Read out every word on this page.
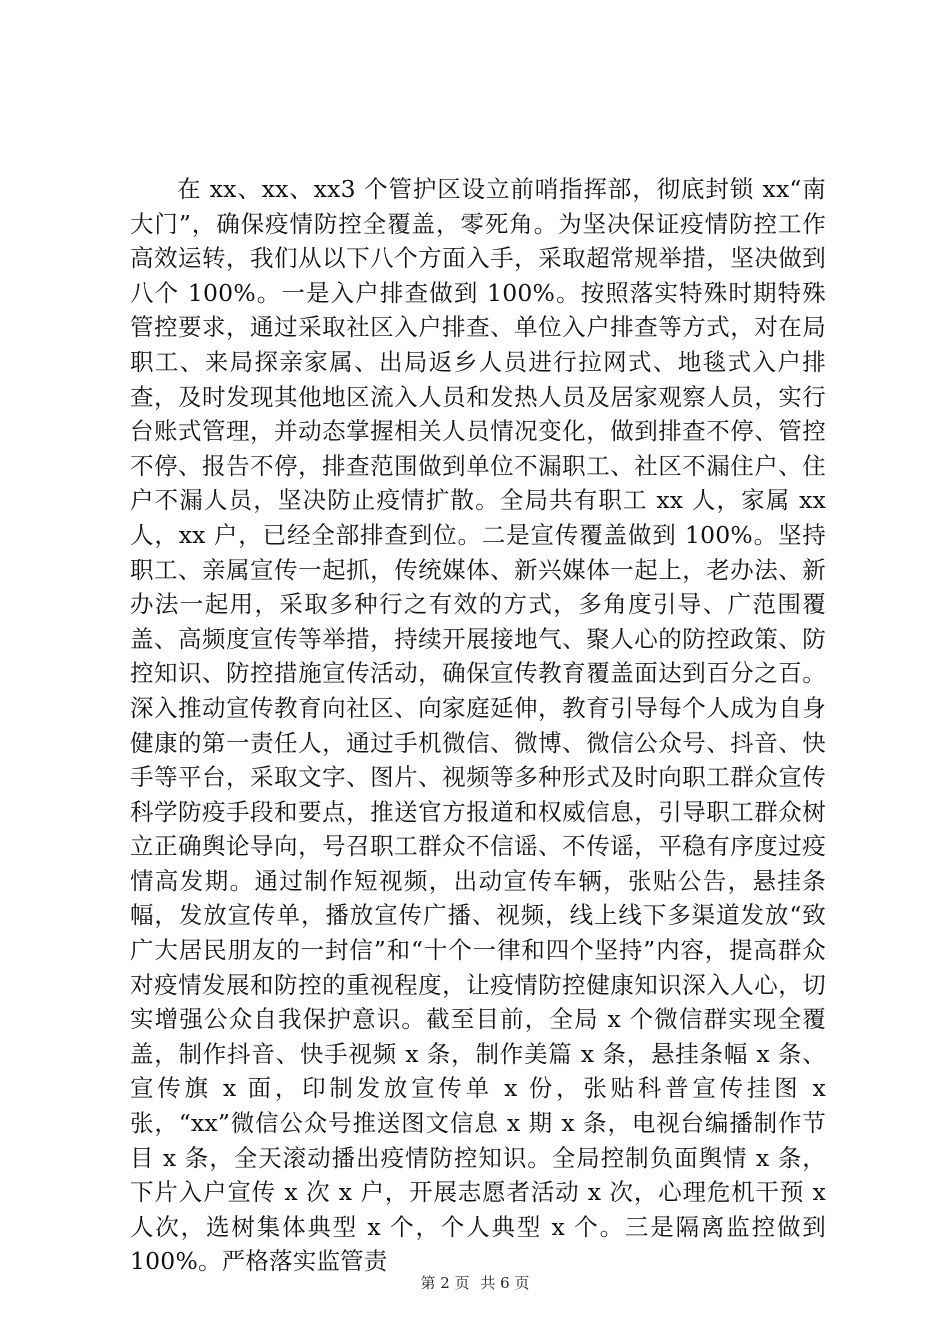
在 xx、xx、xx3 个管护区设立前哨指挥部，彻底封锁 xx“南大门”，确保疫情防控全覆盖，零死角。为坚决保证疫情防控工作高效运转，我们从以下八个方面入手，采取超常规举措，坚决做到八个 100%。一是入户排查做到 100%。按照落实特殊时期特殊管控要求，通过采取社区入户排查、单位入户排查等方式，对在局职工、来局探亲家属、出局返乡人员进行拉网式、地毯式入户排查，及时发现其他地区流入人员和发热人员及居家观察人员，实行台账式管理，并动态掌握相关人员情况变化，做到排查不停、管控不停、报告不停，排查范围做到单位不漏职工、社区不漏住户、住户不漏人员，坚决防止疫情扩散。全局共有职工 xx 人，家属 xx 人，xx 户，已经全部排查到位。二是宣传覆盖做到 100%。坚持职工、亲属宣传一起抓，传统媒体、新兴媒体一起上，老办法、新办法一起用，采取多种行之有效的方式，多角度引导、广范围覆盖、高频度宣传等举措，持续开展接地气、聚人心的防控政策、防控知识、防控措施宣传活动，确保宣传教育覆盖面达到百分之百。深入推动宣传教育向社区、向家庭延伸，教育引导每个人成为自身健康的第一责任人，通过手机微信、微博、微信公众号、抖音、快手等平台，采取文字、图片、视频等多种形式及时向职工群众宣传科学防疫手段和要点，推送官方报道和权威信息，引导职工群众树立正确舆论导向，号召职工群众不信谣、不传谣，平稳有序度过疫情高发期。通过制作短视频，出动宣传车辆，张贴公告，悬挂条幅，发放宣传单，播放宣传广播、视频，线上线下多渠道发放“致广大居民朋友的一封信”和“十个一律和四个坚持”内容，提高群众对疫情发展和防控的重视程度，让疫情防控健康知识深入人心，切实增强公众自我保护意识。截至目前，全局 x 个微信群实现全覆盖，制作抖音、快手视频 x 条，制作美篇 x 条，悬挂条幅 x 条、宣传旗 x 面，印制发放宣传单 x 份，张贴科普宣传挂图 x 张，“xx”微信公众号推送图文信息 x 期 x 条，电视台编播制作节目 x 条，全天滚动播出疫情防控知识。全局控制负面舆情 x 条，下片入户宣传 x 次 x 户，开展志愿者活动 x 次，心理危机干预 x 人次，选树集体典型 x 个，个人典型 x 个。三是隔离监控做到 100%。严格落实监管责

第 2 页 共 6 页
